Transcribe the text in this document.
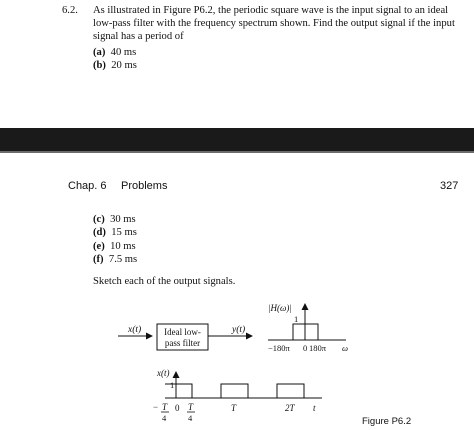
6.2. As illustrated in Figure P6.2, the periodic square wave is the input signal to an ideal
low-pass filter with the frequency spectrum shown. Find the output signal if the input
signal has a period of
(a) 40 ms
(b) 20 ms
Chap. 6 Problems	327
(c) 30 ms
(d) 15 ms
(e) 10 ms
(f) 7.5 ms
Sketch each of the output signals.
x(t)	Ideal low-
pass filter
y(t)
|H(ω)|
1
−180π 0 180π ω
x(t)
1
− T
4
0 T
4
T	2T t
Figure P6.2
